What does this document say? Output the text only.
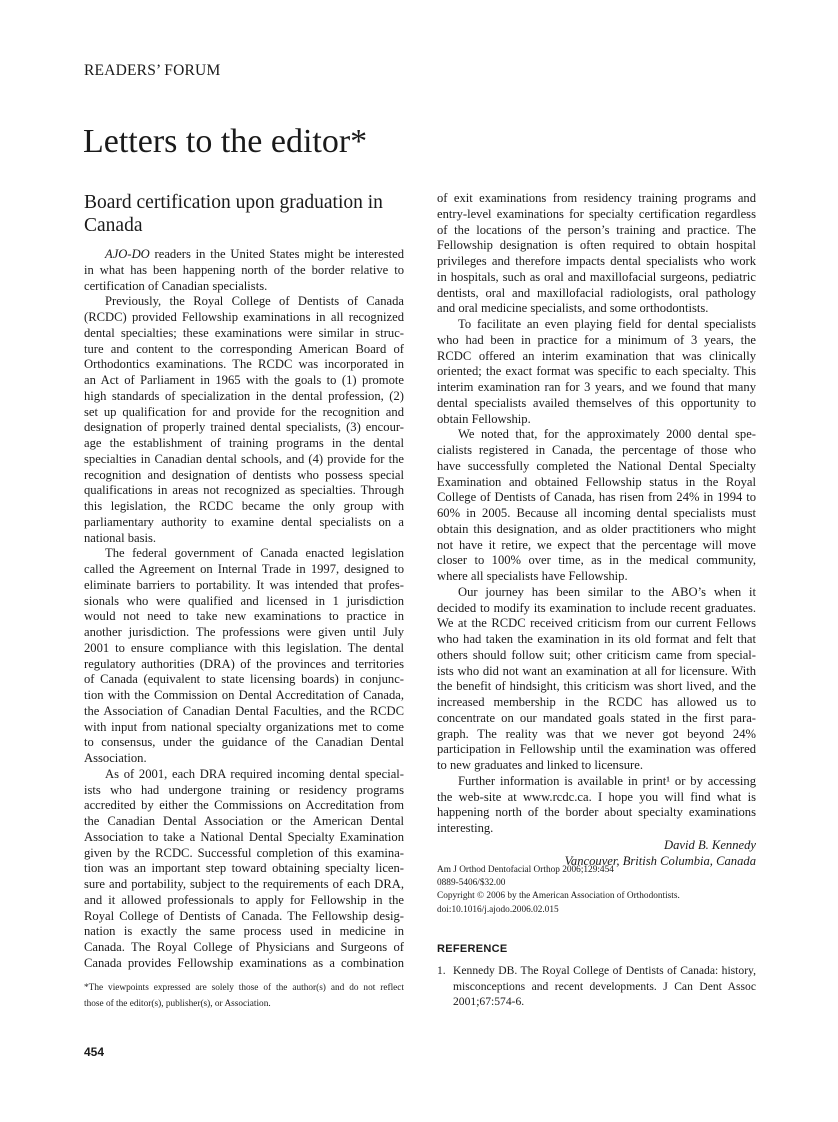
READERS’ FORUM
Letters to the editor*
Board certification upon graduation in
Canada
AJO-DO readers in the United States might be interested
in what has been happening north of the border relative to
certification of Canadian specialists.
Previously, the Royal College of Dentists of Canada
(RCDC) provided Fellowship examinations in all recognized
dental specialties; these examinations were similar in struc-
ture and content to the corresponding American Board of
Orthodontics examinations. The RCDC was incorporated in
an Act of Parliament in 1965 with the goals to (1) promote
high standards of specialization in the dental profession, (2)
set up qualification for and provide for the recognition and
designation of properly trained dental specialists, (3) encour-
age the establishment of training programs in the dental
specialties in Canadian dental schools, and (4) provide for the
recognition and designation of dentists who possess special
qualifications in areas not recognized as specialties. Through
this legislation, the RCDC became the only group with
parliamentary authority to examine dental specialists on a
national basis.
The federal government of Canada enacted legislation
called the Agreement on Internal Trade in 1997, designed to
eliminate barriers to portability. It was intended that profes-
sionals who were qualified and licensed in 1 jurisdiction
would not need to take new examinations to practice in
another jurisdiction. The professions were given until July
2001 to ensure compliance with this legislation. The dental
regulatory authorities (DRA) of the provinces and territories
of Canada (equivalent to state licensing boards) in conjunc-
tion with the Commission on Dental Accreditation of Canada,
the Association of Canadian Dental Faculties, and the RCDC
with input from national specialty organizations met to come
to consensus, under the guidance of the Canadian Dental
Association.
As of 2001, each DRA required incoming dental special-
ists who had undergone training or residency programs
accredited by either the Commissions on Accreditation from
the Canadian Dental Association or the American Dental
Association to take a National Dental Specialty Examination
given by the RCDC. Successful completion of this examina-
tion was an important step toward obtaining specialty licen-
sure and portability, subject to the requirements of each DRA,
and it allowed professionals to apply for Fellowship in the
Royal College of Dentists of Canada. The Fellowship desig-
nation is exactly the same process used in medicine in
Canada. The Royal College of Physicians and Surgeons of
Canada provides Fellowship examinations as a combination
of exit examinations from residency training programs and
entry-level examinations for specialty certification regardless
of the locations of the person’s training and practice. The
Fellowship designation is often required to obtain hospital
privileges and therefore impacts dental specialists who work
in hospitals, such as oral and maxillofacial surgeons, pediatric
dentists, oral and maxillofacial radiologists, oral pathology
and oral medicine specialists, and some orthodontists.
To facilitate an even playing field for dental specialists
who had been in practice for a minimum of 3 years, the
RCDC offered an interim examination that was clinically
oriented; the exact format was specific to each specialty. This
interim examination ran for 3 years, and we found that many
dental specialists availed themselves of this opportunity to
obtain Fellowship.
We noted that, for the approximately 2000 dental spe-
cialists registered in Canada, the percentage of those who
have successfully completed the National Dental Specialty
Examination and obtained Fellowship status in the Royal
College of Dentists of Canada, has risen from 24% in 1994 to
60% in 2005. Because all incoming dental specialists must
obtain this designation, and as older practitioners who might
not have it retire, we expect that the percentage will move
closer to 100% over time, as in the medical community,
where all specialists have Fellowship.
Our journey has been similar to the ABO’s when it
decided to modify its examination to include recent graduates.
We at the RCDC received criticism from our current Fellows
who had taken the examination in its old format and felt that
others should follow suit; other criticism came from special-
ists who did not want an examination at all for licensure. With
the benefit of hindsight, this criticism was short lived, and the
increased membership in the RCDC has allowed us to
concentrate on our mandated goals stated in the first para-
graph. The reality was that we never got beyond 24%
participation in Fellowship until the examination was offered
to new graduates and linked to licensure.
Further information is available in print¹ or by accessing
the web-site at www.rcdc.ca. I hope you will find what is
happening north of the border about specialty examinations
interesting.
David B. Kennedy
Vancouver, British Columbia, Canada
Am J Orthod Dentofacial Orthop 2006;129:454
0889-5406/$32.00
Copyright © 2006 by the American Association of Orthodontists.
doi:10.1016/j.ajodo.2006.02.015
REFERENCE
1. Kennedy DB. The Royal College of Dentists of Canada: history,
misconceptions and recent developments. J Can Dent Assoc
2001;67:574-6.
*The viewpoints expressed are solely those of the author(s) and do not reflect
those of the editor(s), publisher(s), or Association.
454
